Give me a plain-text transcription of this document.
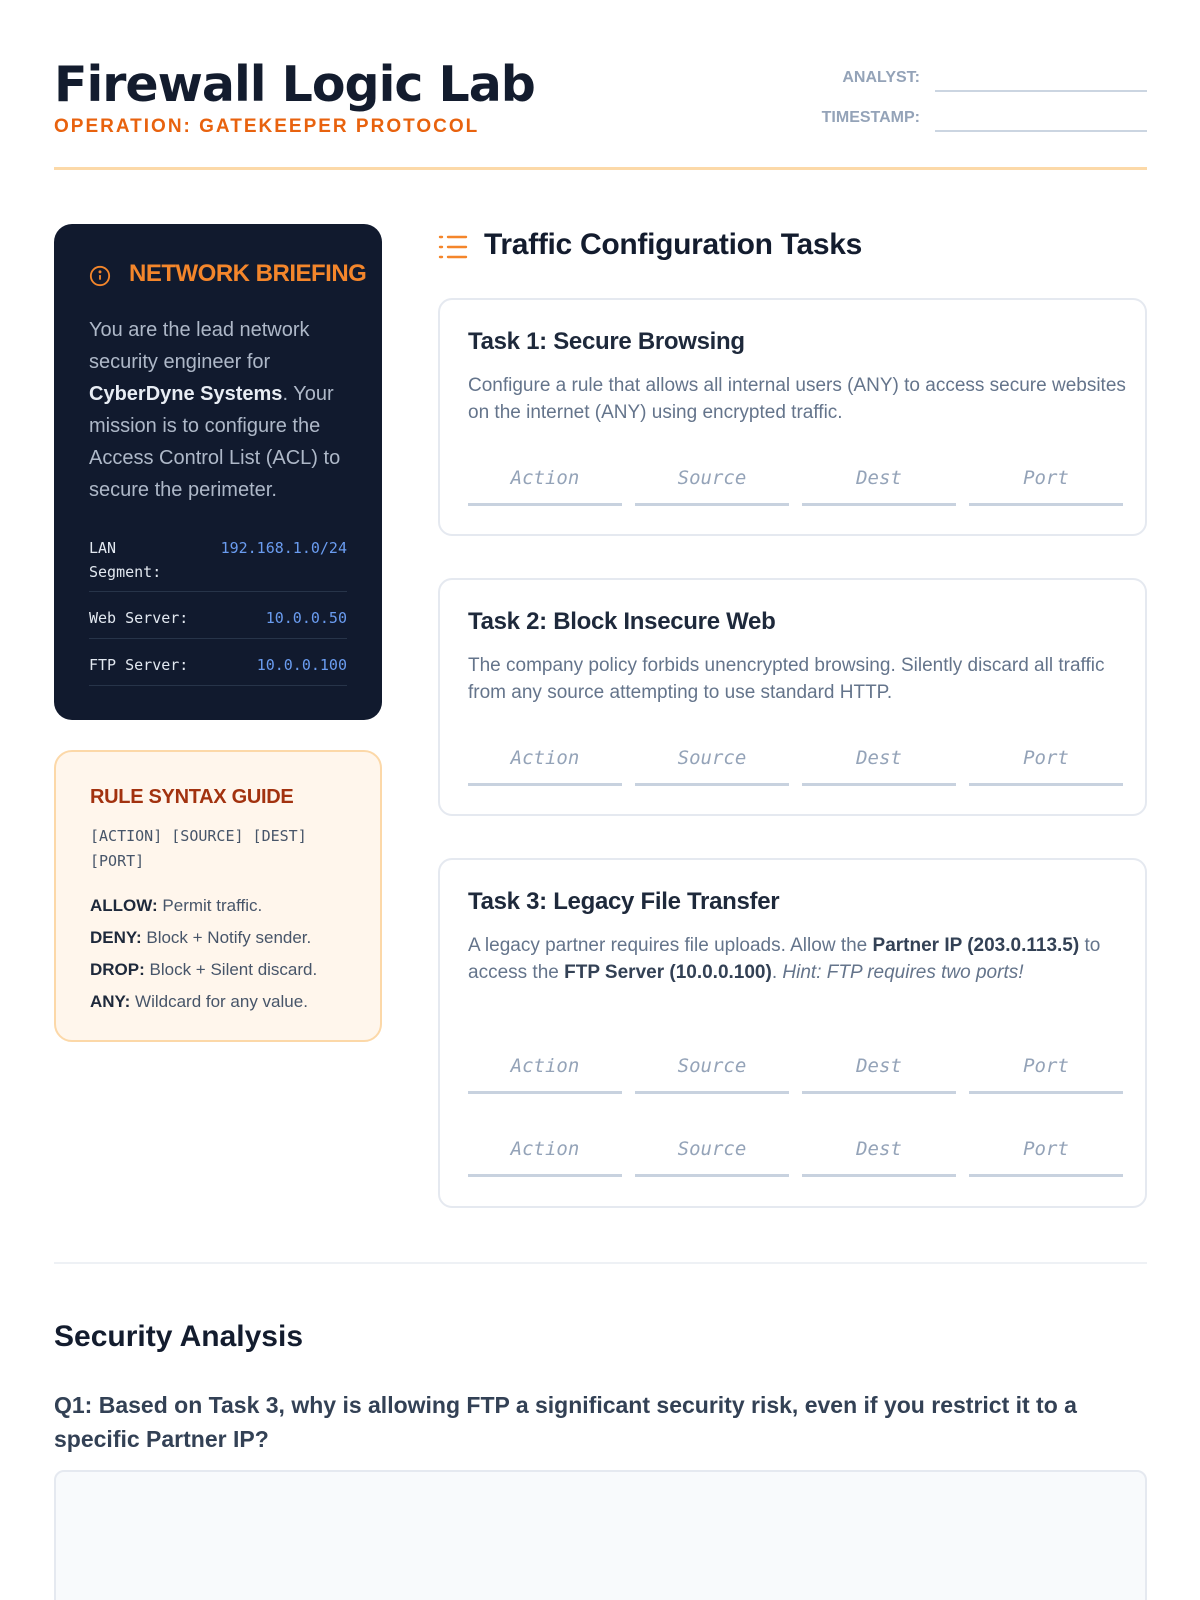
Firewall Logic Lab
OPERATION: GATEKEEPER PROTOCOL
ANALYST:
TIMESTAMP:
NETWORK BRIEFING

You are the lead network security engineer for CyberDyne Systems. Your mission is to configure the Access Control List (ACL) to secure the perimeter.

LAN Segment:
192.168.1.0/24
Web Server:	10.0.0.50
FTP Server:	10.0.0.100
RULE SYNTAX GUIDE
[ACTION] [SOURCE] [DEST] [PORT]
ALLOW: Permit traffic.
DENY: Block + Notify sender.
DROP: Block + Silent discard.
ANY: Wildcard for any value.
Traffic Configuration Tasks
Task 1: Secure Browsing

Configure a rule that allows all internal users (ANY) to access secure websites on the internet (ANY) using encrypted traffic.

Action	Source	Dest	Port
Task 2: Block Insecure Web

The company policy forbids unencrypted browsing. Silently discard all traffic from any source attempting to use standard HTTP.

Action	Source	Dest	Port
Task 3: Legacy File Transfer

A legacy partner requires file uploads. Allow the Partner IP (203.0.113.5) to access the FTP Server (10.0.0.100). Hint: FTP requires two ports!

Action	Source	Dest	Port
Action	Source	Dest	Port
Security Analysis
Q1: Based on Task 3, why is allowing FTP a significant security risk, even if you restrict it to a specific Partner IP?
